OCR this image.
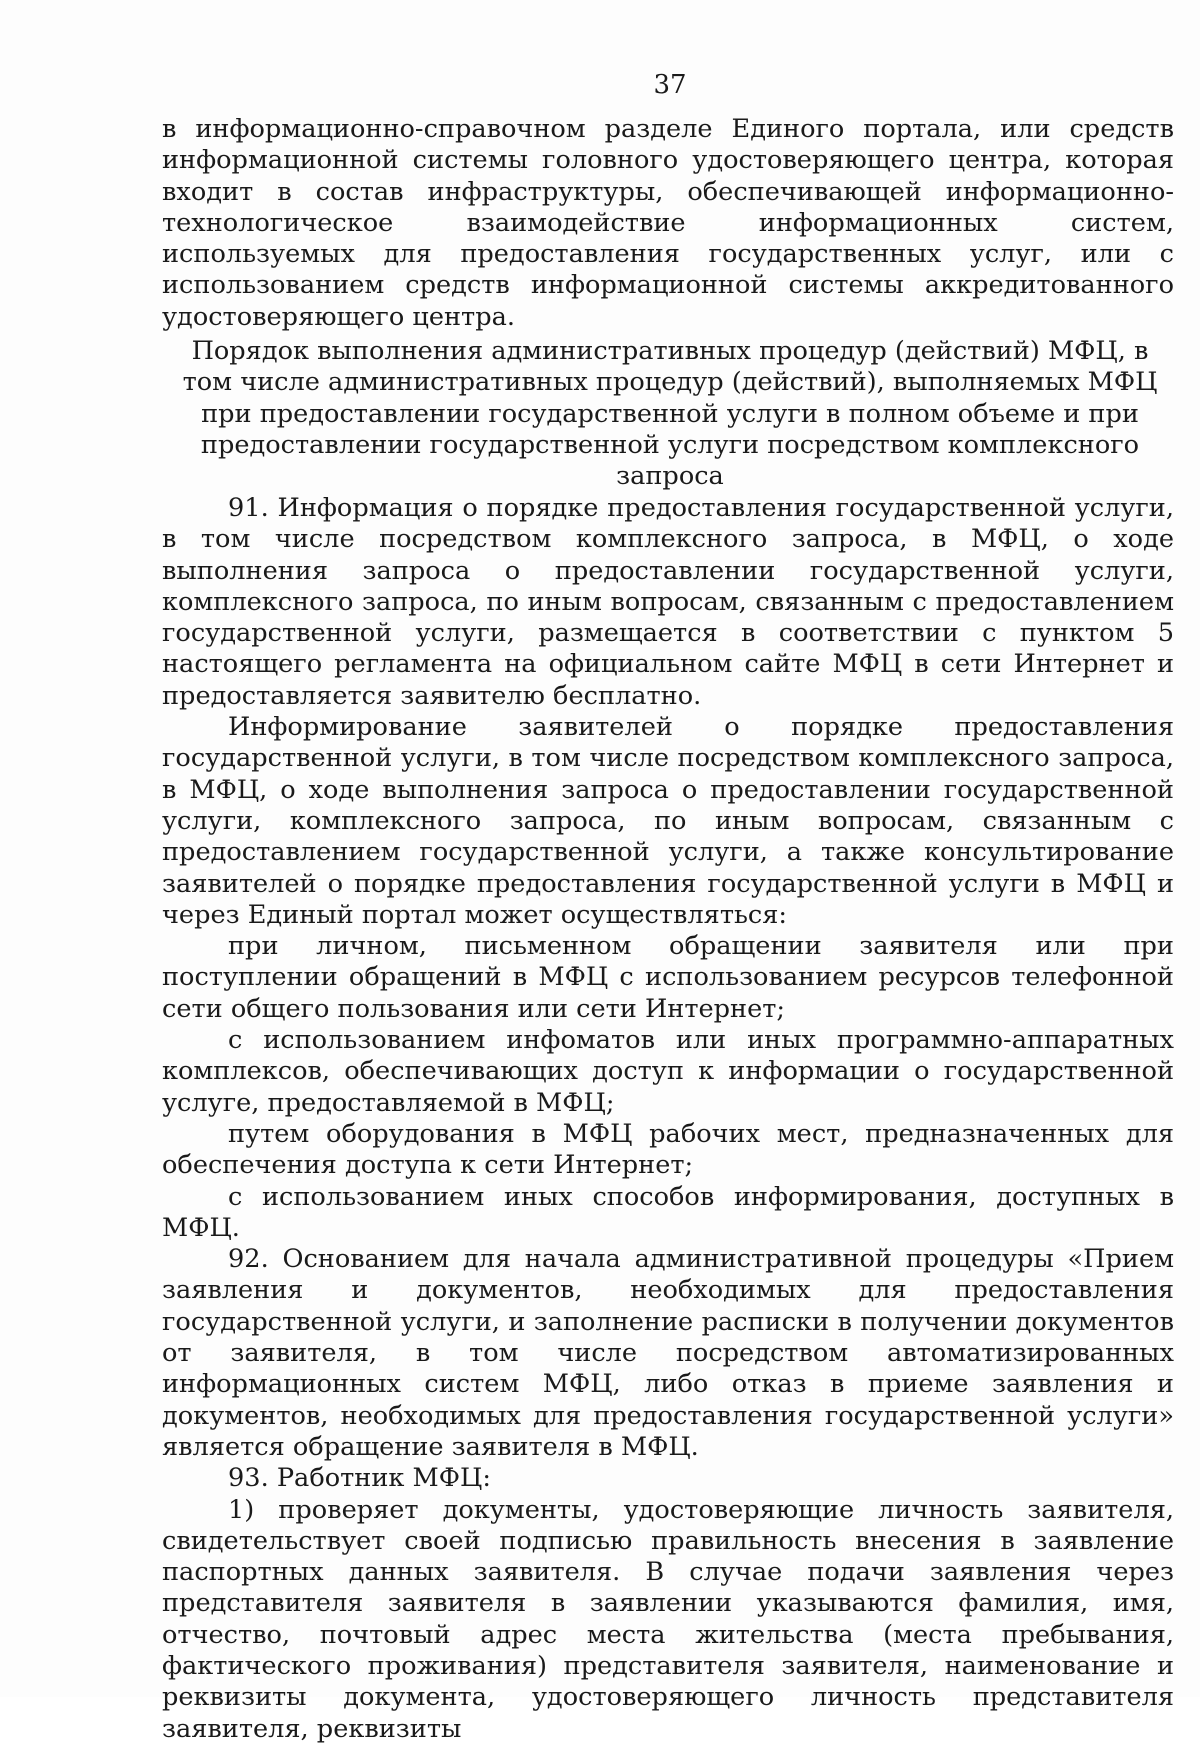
37

в информационно-справочном разделе Единого портала, или средств информационной системы головного удостоверяющего центра, которая входит в состав инфраструктуры, обеспечивающей информационно-технологическое взаимодействие информационных систем, используемых для предоставления государственных услуг, или с использованием средств информационной системы аккредитованного удостоверяющего центра.

Порядок выполнения административных процедур (действий) МФЦ, в том числе административных процедур (действий), выполняемых МФЦ при предоставлении государственной услуги в полном объеме и при предоставлении государственной услуги посредством комплексного запроса

91. Информация о порядке предоставления государственной услуги, в том числе посредством комплексного запроса, в МФЦ, о ходе выполнения запроса о предоставлении государственной услуги, комплексного запроса, по иным вопросам, связанным с предоставлением государственной услуги, размещается в соответствии с пунктом 5 настоящего регламента на официальном сайте МФЦ в сети Интернет и предоставляется заявителю бесплатно.

Информирование заявителей о порядке предоставления государственной услуги, в том числе посредством комплексного запроса, в МФЦ, о ходе выполнения запроса о предоставлении государственной услуги, комплексного запроса, по иным вопросам, связанным с предоставлением государственной услуги, а также консультирование заявителей о порядке предоставления государственной услуги в МФЦ и через Единый портал может осуществляться:

при личном, письменном обращении заявителя или при поступлении обращений в МФЦ с использованием ресурсов телефонной сети общего пользования или сети Интернет;

с использованием инфоматов или иных программно-аппаратных комплексов, обеспечивающих доступ к информации о государственной услуге, предоставляемой в МФЦ;

путем оборудования в МФЦ рабочих мест, предназначенных для обеспечения доступа к сети Интернет;

с использованием иных способов информирования, доступных в МФЦ.

92. Основанием для начала административной процедуры «Прием заявления и документов, необходимых для предоставления государственной услуги, и заполнение расписки в получении документов от заявителя, в том числе посредством автоматизированных информационных систем МФЦ, либо отказ в приеме заявления и документов, необходимых для предоставления государственной услуги» является обращение заявителя в МФЦ.

93. Работник МФЦ:

1) проверяет документы, удостоверяющие личность заявителя, свидетельствует своей подписью правильность внесения в заявление паспортных данных заявителя. В случае подачи заявления через представителя заявителя в заявлении указываются фамилия, имя, отчество, почтовый адрес места жительства (места пребывания, фактического проживания) представителя заявителя, наименование и реквизиты документа, удостоверяющего личность представителя заявителя, реквизиты
